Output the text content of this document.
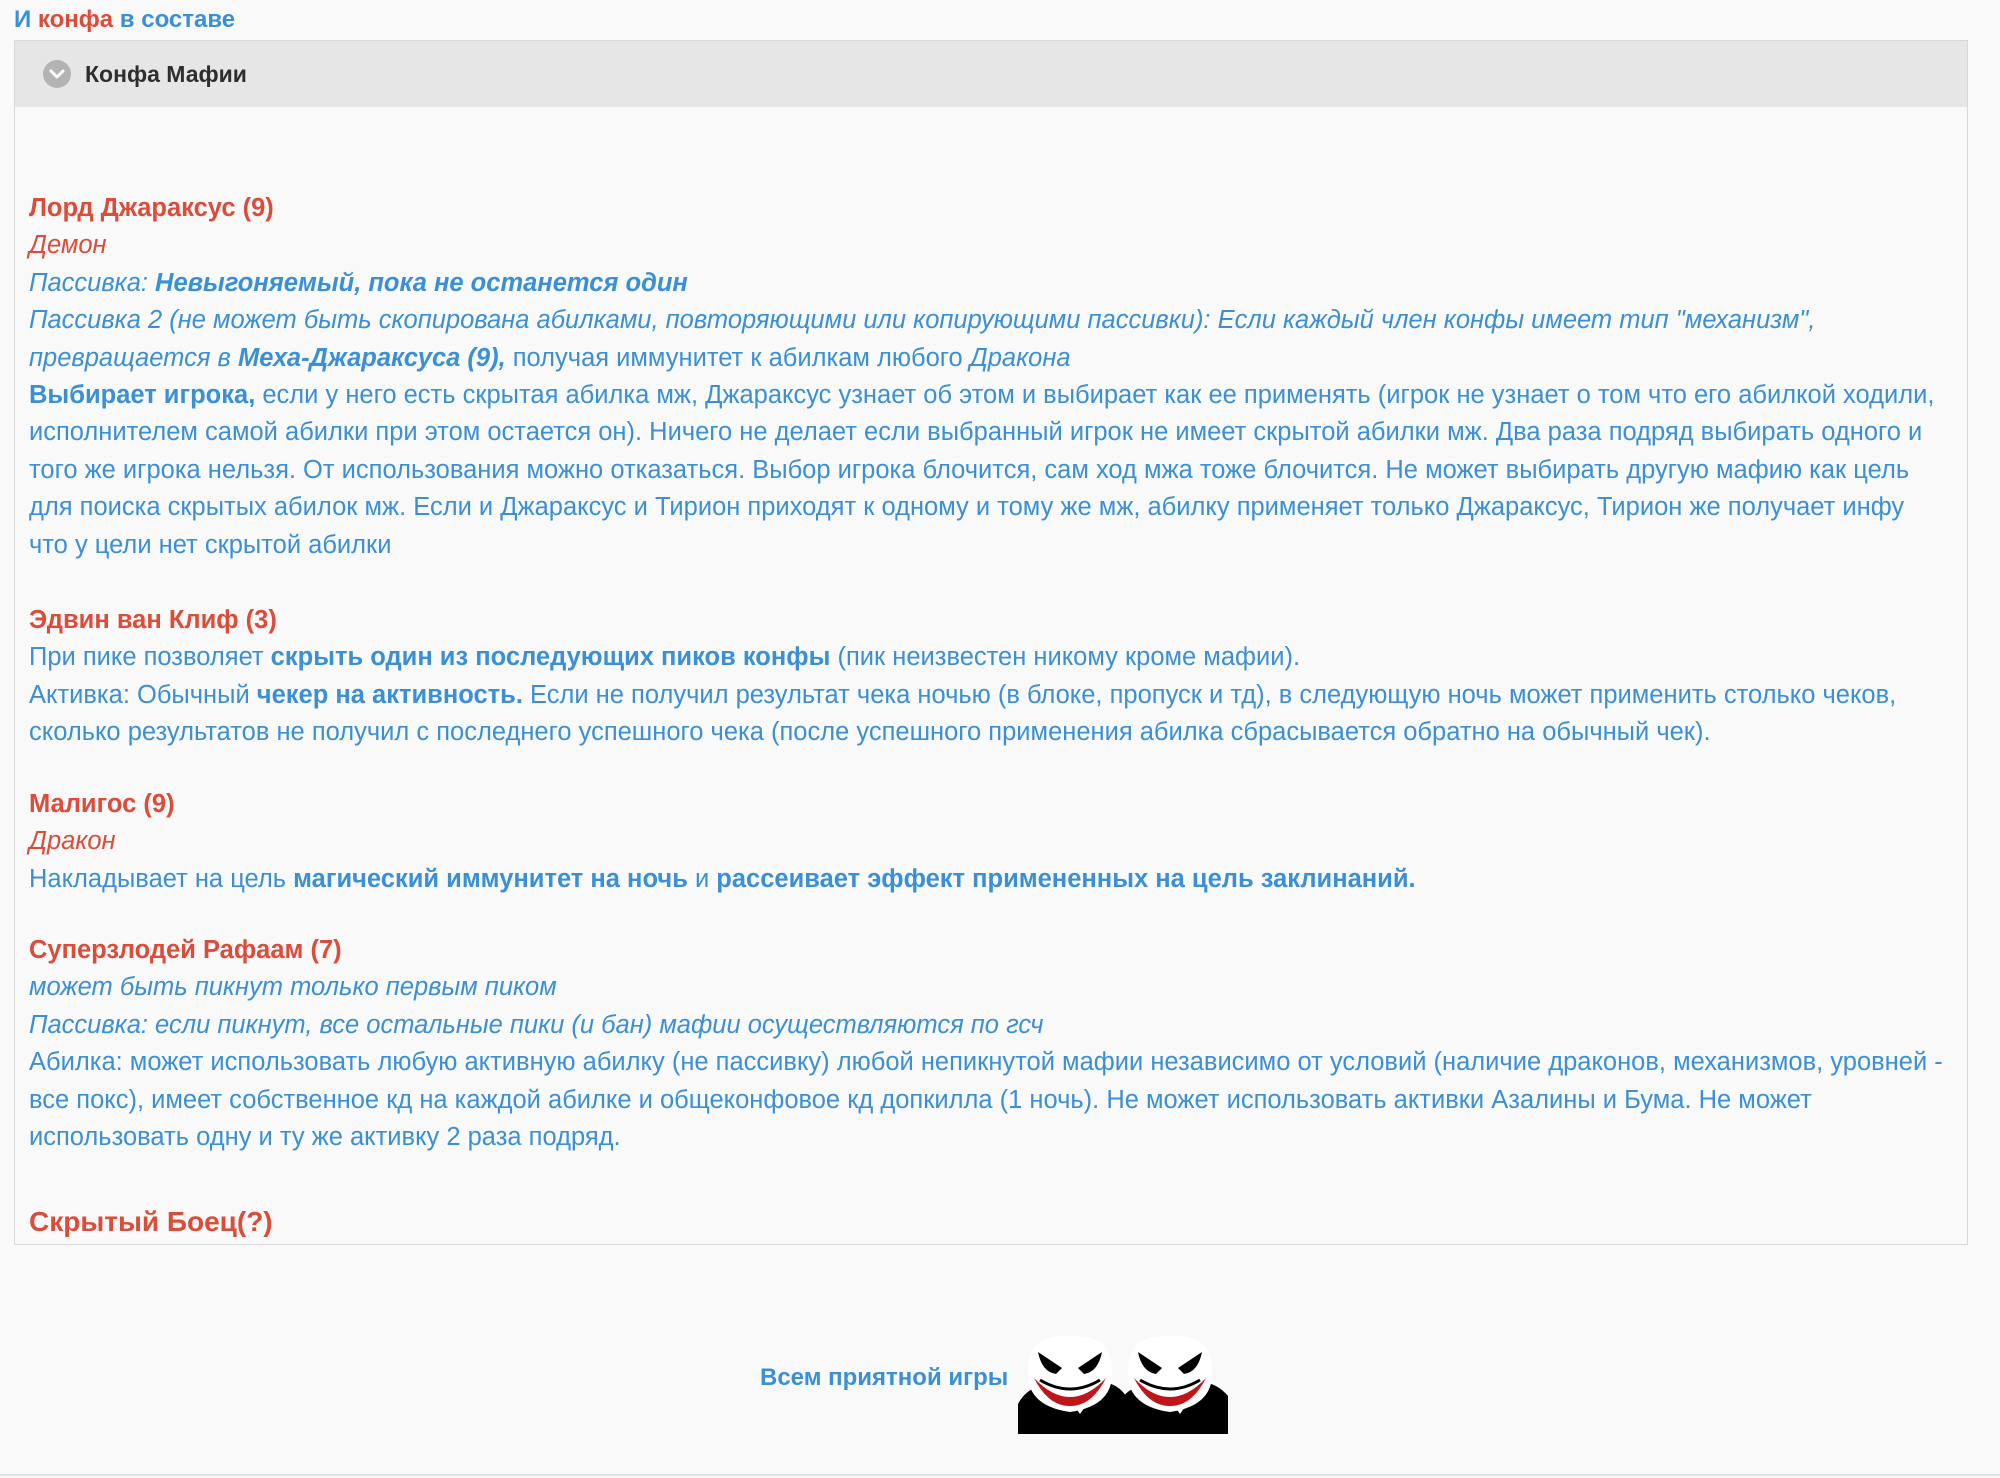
И конфа в составе
Конфа Мафии
Лорд Джараксус (9)
Демон
Пассивка: Невыгоняемый, пока не останется один
Пассивка 2 (не может быть скопирована абилками, повторяющими или копирующими пассивки): Если каждый член конфы имеет тип "механизм", превращается в Меха-Джараксуса (9), получая иммунитет к абилкам любого Дракона
Выбирает игрока, если у него есть скрытая абилка мж, Джараксус узнает об этом и выбирает как ее применять (игрок не узнает о том что его абилкой ходили, исполнителем самой абилки при этом остается он). Ничего не делает если выбранный игрок не имеет скрытой абилки мж. Два раза подряд выбирать одного и того же игрока нельзя. От использования можно отказаться. Выбор игрока блочится, сам ход мжа тоже блочится. Не может выбирать другую мафию как цель для поиска скрытых абилок мж. Если и Джараксус и Тирион приходят к одному и тому же мж, абилку применяет только Джараксус, Тирион же получает инфу что у цели нет скрытой абилки
Эдвин ван Клиф (3)
При пике позволяет скрыть один из последующих пиков конфы (пик неизвестен никому кроме мафии).
Активка: Обычный чекер на активность. Если не получил результат чека ночью (в блоке, пропуск и тд), в следующую ночь может применить столько чеков, сколько результатов не получил с последнего успешного чека (после успешного применения абилка сбрасывается обратно на обычный чек).
Малигос (9)
Дракон
Накладывает на цель магический иммунитет на ночь и рассеивает эффект примененных на цель заклинаний.
Суперзлодей Рафаам (7)
может быть пикнут только первым пиком
Пассивка: если пикнут, все остальные пики (и бан) мафии осуществляются по гсч
Абилка: может использовать любую активную абилку (не пассивку) любой непикнутой мафии независимо от условий (наличие драконов, механизмов, уровней - все покс), имеет собственное кд на каждой абилке и общеконфовое кд допкилла (1 ночь). Не может использовать активки Азалины и Бума. Не может использовать одну и ту же активку 2 раза подряд.
Скрытый Боец(?)
Всем приятной игры
